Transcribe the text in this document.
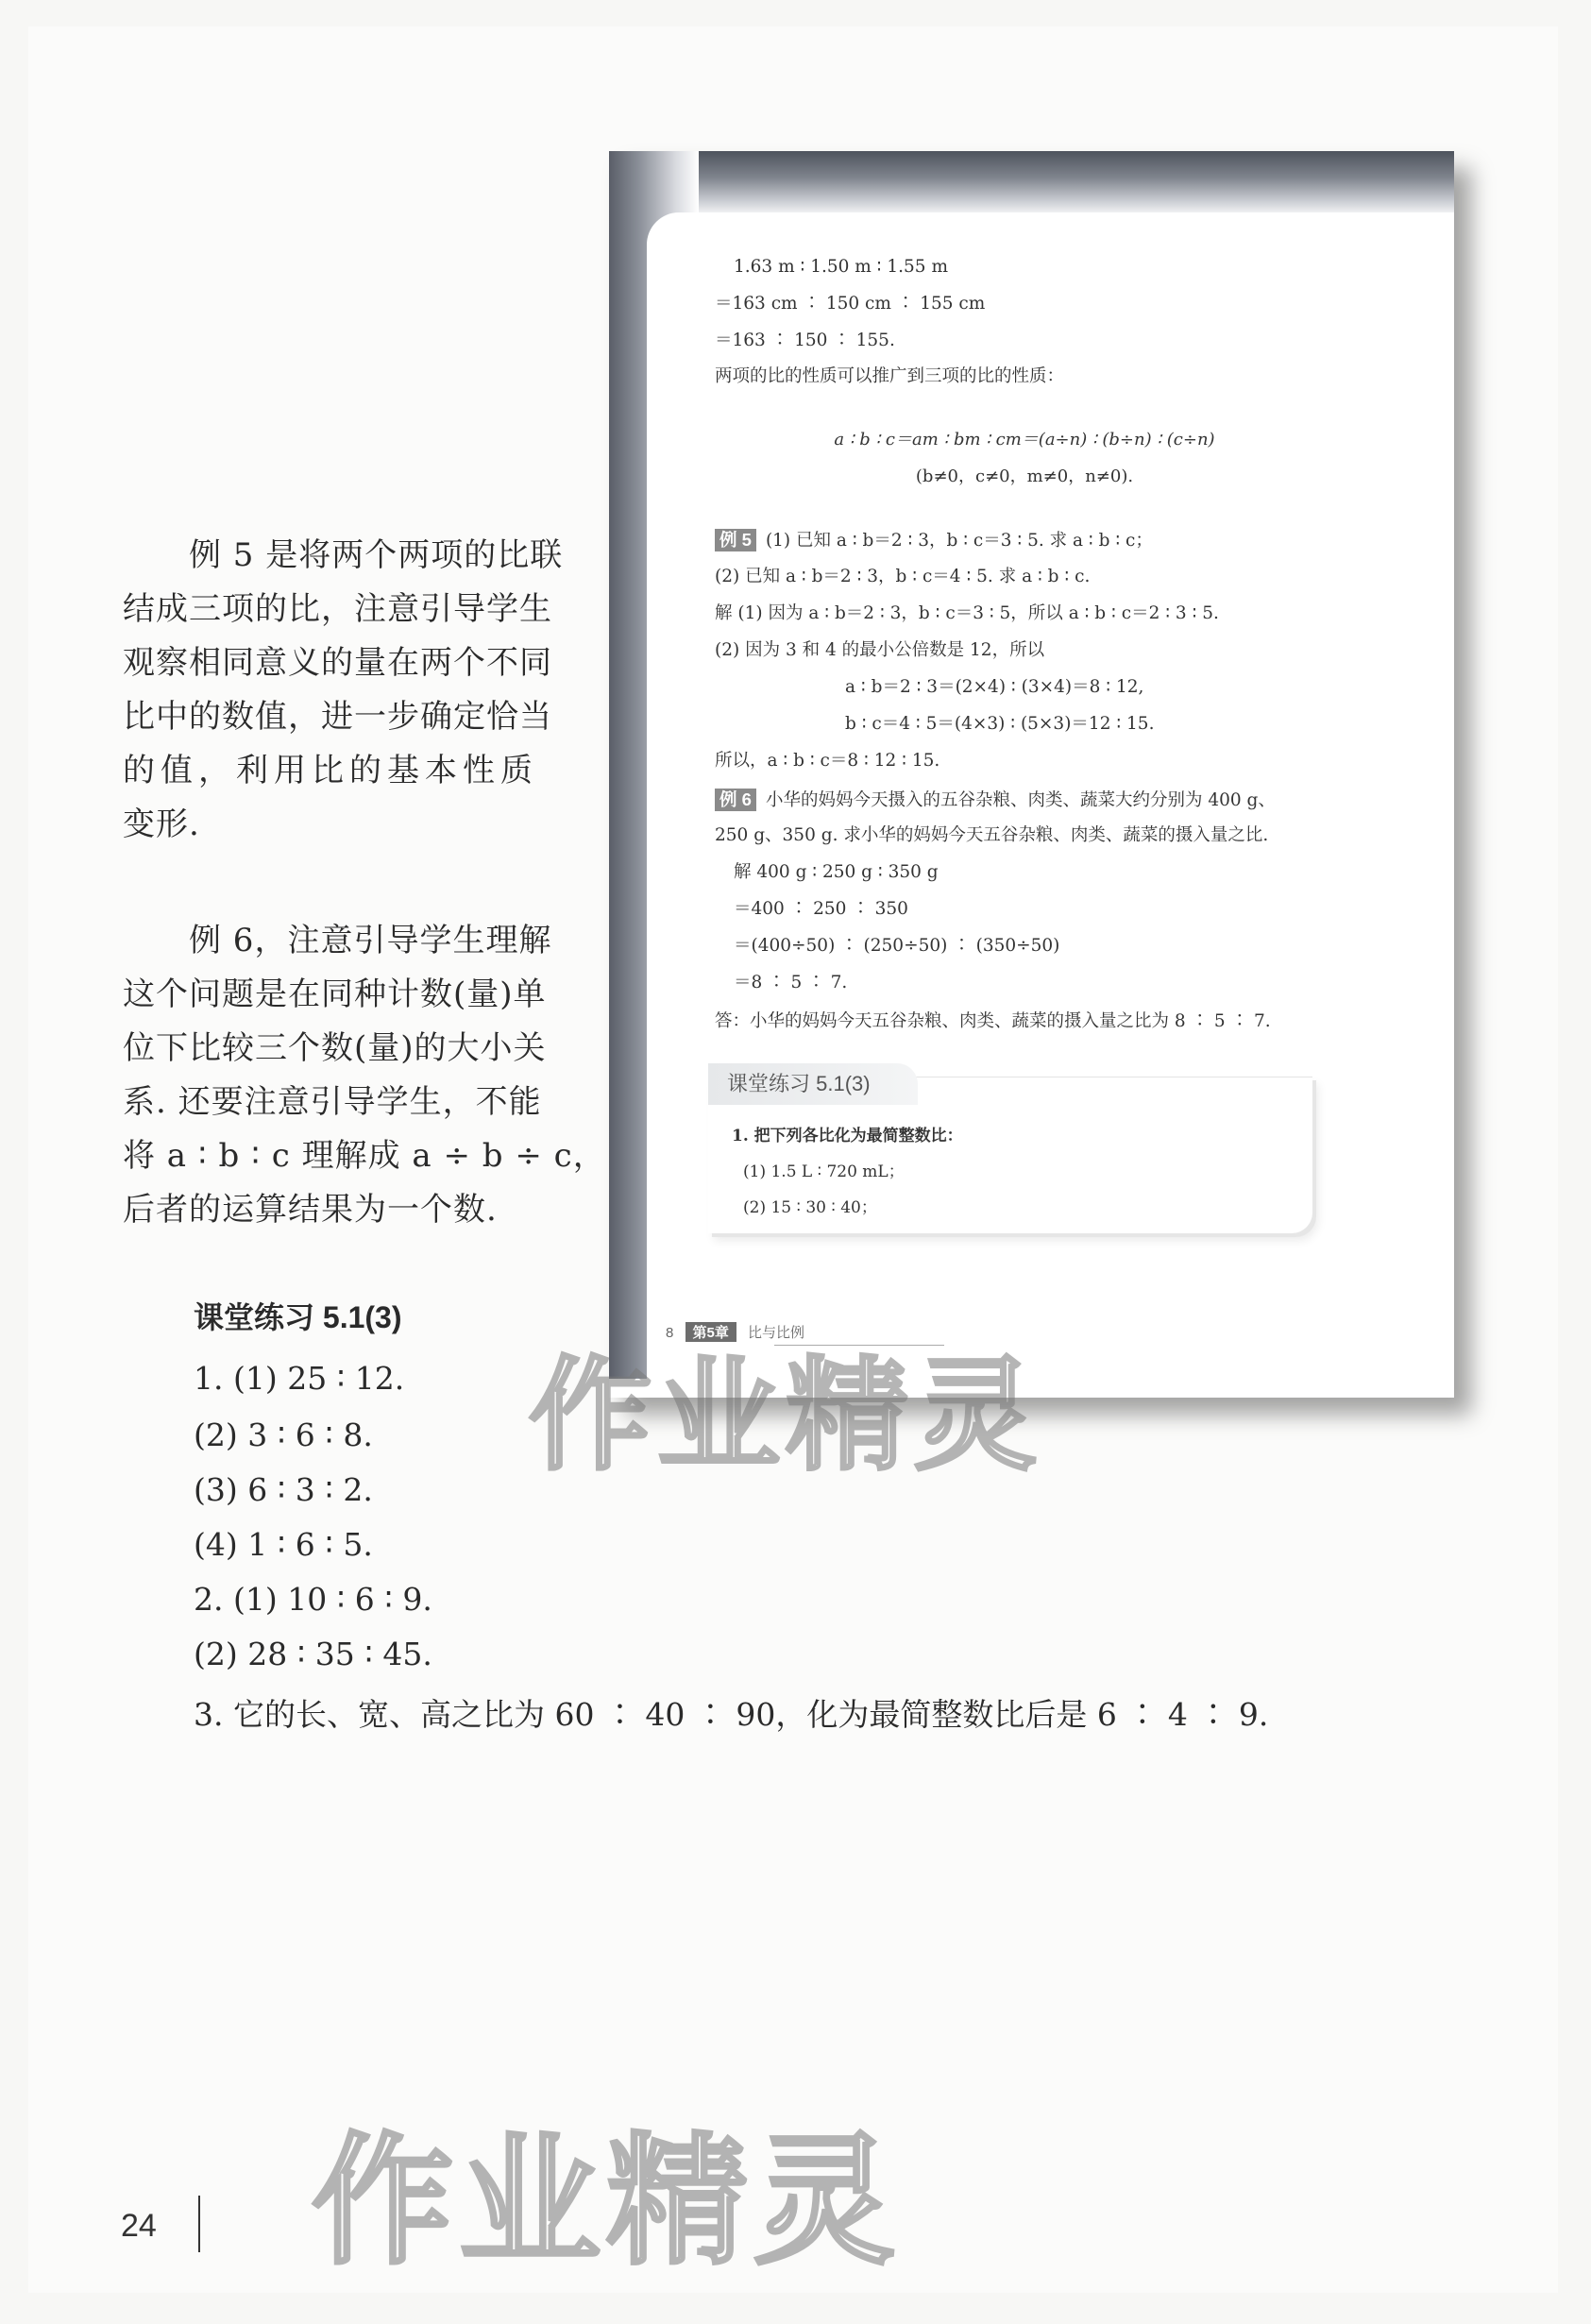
1.63 m ∶ 1.50 m ∶ 1.55 m
＝163 cm ∶ 150 cm ∶ 155 cm
＝163 ∶ 150 ∶ 155.
两项的比的性质可以推广到三项的比的性质：
a ∶ b ∶ c＝am ∶ bm ∶ cm＝(a÷n) ∶ (b÷n) ∶ (c÷n)
(b≠0，c≠0，m≠0，n≠0).
例 5 (1) 已知 a ∶ b＝2 ∶ 3，b ∶ c＝3 ∶ 5. 求 a ∶ b ∶ c；
(2) 已知 a ∶ b＝2 ∶ 3，b ∶ c＝4 ∶ 5. 求 a ∶ b ∶ c.
解 (1) 因为 a ∶ b＝2 ∶ 3，b ∶ c＝3 ∶ 5，所以 a ∶ b ∶ c＝2 ∶ 3 ∶ 5.
(2) 因为 3 和 4 的最小公倍数是 12，所以
a ∶ b＝2 ∶ 3＝(2×4) ∶ (3×4)＝8 ∶ 12,
b ∶ c＝4 ∶ 5＝(4×3) ∶ (5×3)＝12 ∶ 15.
所以，a ∶ b ∶ c＝8 ∶ 12 ∶ 15.
例 6 小华的妈妈今天摄入的五谷杂粮、肉类、蔬菜大约分别为 400 g、
250 g、350 g. 求小华的妈妈今天五谷杂粮、肉类、蔬菜的摄入量之比.
解 400 g ∶ 250 g ∶ 350 g
＝400 ∶ 250 ∶ 350
＝(400÷50) ∶ (250÷50) ∶ (350÷50)
＝8 ∶ 5 ∶ 7.
答：小华的妈妈今天五谷杂粮、肉类、蔬菜的摄入量之比为 8 ∶ 5 ∶ 7.
课堂练习 5.1(3)
1. 把下列各比化为最简整数比：
(1) 1.5 L ∶ 720 mL；
(2) 15 ∶ 30 ∶ 40；
8 第5章 比与比例
例 5 是将两个两项的比联
结成三项的比，注意引导学生
观察相同意义的量在两个不同
比中的数值，进一步确定恰当
的值，利用比的基本性质
变形.
例 6，注意引导学生理解
这个问题是在同种计数(量)单
位下比较三个数(量)的大小关
系. 还要注意引导学生，不能
将 a ∶ b ∶ c 理解成 a ÷ b ÷ c，
后者的运算结果为一个数.
课堂练习 5.1(3)
1. (1) 25 ∶ 12.
(2) 3 ∶ 6 ∶ 8.
(3) 6 ∶ 3 ∶ 2.
(4) 1 ∶ 6 ∶ 5.
2. (1) 10 ∶ 6 ∶ 9.
(2) 28 ∶ 35 ∶ 45.
3. 它的长、宽、高之比为 60 ∶ 40 ∶ 90，化为最简整数比后是 6 ∶ 4 ∶ 9.
作业精灵
作业精灵
24
